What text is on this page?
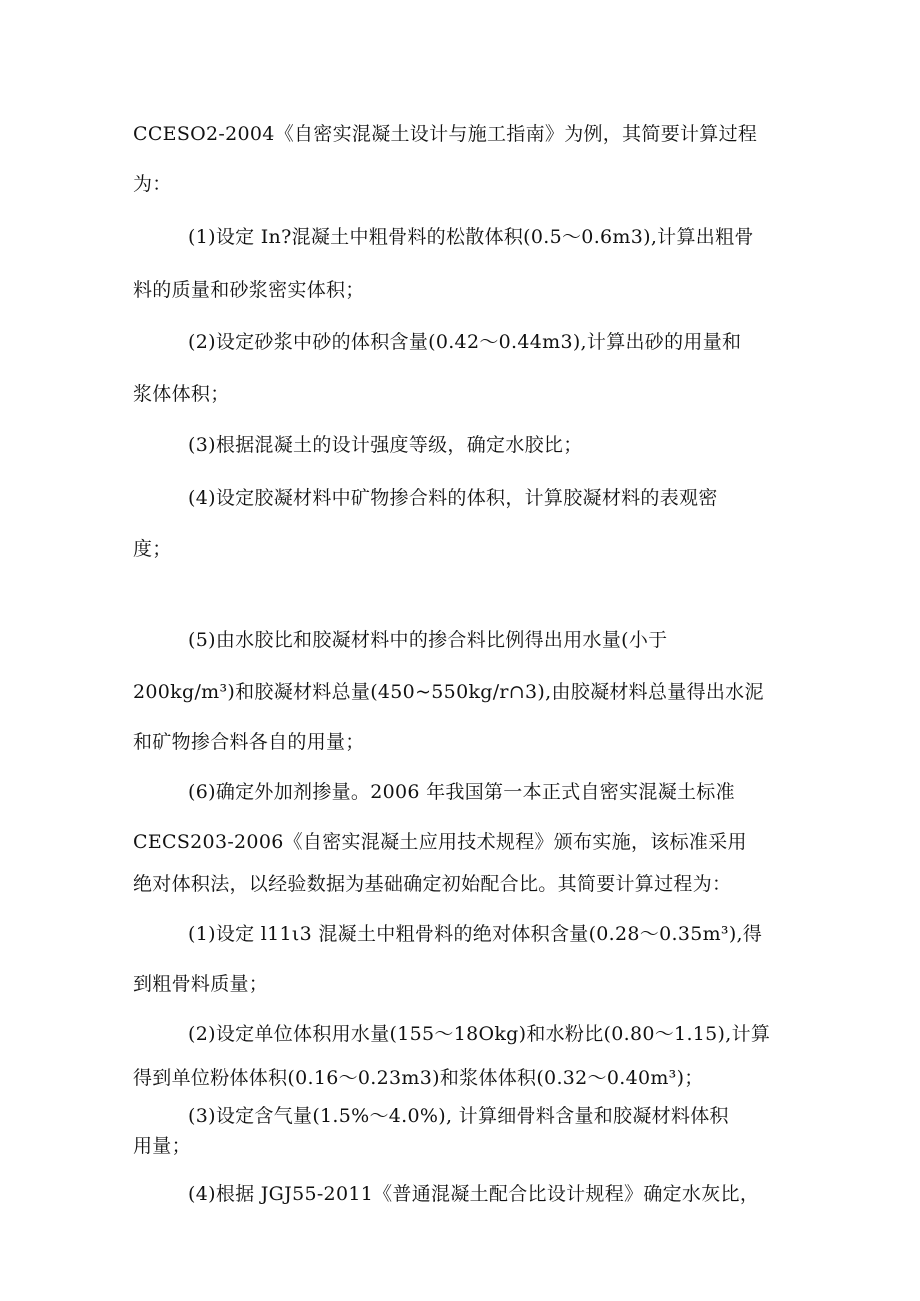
CCESO2-2004《自密实混凝土设计与施工指南》为例，其简要计算过程
为：
(1)设定 In?混凝土中粗骨料的松散体积(0.5～0.6m3),计算出粗骨
料的质量和砂浆密实体积；
(2)设定砂浆中砂的体积含量(0.42～0.44m3),计算出砂的用量和
浆体体积；
(3)根据混凝土的设计强度等级，确定水胶比；
(4)设定胶凝材料中矿物掺合料的体积，计算胶凝材料的表观密
度；
(5)由水胶比和胶凝材料中的掺合料比例得出用水量(小于
200kg∕m³)和胶凝材料总量(450~550kg∕r∩3),由胶凝材料总量得出水泥
和矿物掺合料各自的用量；
(6)确定外加剂掺量。2006 年我国第一本正式自密实混凝土标准
CECS203-2006《自密实混凝土应用技术规程》颁布实施，该标准采用
绝对体积法，以经验数据为基础确定初始配合比。其简要计算过程为：
(1)设定 l11ι3 混凝土中粗骨料的绝对体积含量(0.28～0.35m³),得
到粗骨料质量；
(2)设定单位体积用水量(155～18Okg)和水粉比(0.80～1.15),计算
得到单位粉体体积(0.16～0.23m3)和浆体体积(0.32～0.40m³)；
(3)设定含气量(1.5%～4.0%), 计算细骨料含量和胶凝材料体积
用量；
(4)根据 JGJ55-2011《普通混凝土配合比设计规程》确定水灰比，
